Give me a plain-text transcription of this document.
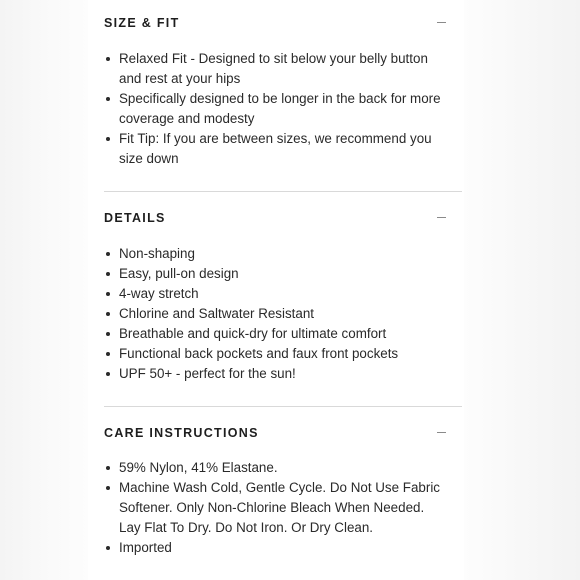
SIZE & FIT
Relaxed Fit - Designed to sit below your belly button and rest at your hips
Specifically designed to be longer in the back for more coverage and modesty
Fit Tip: If you are between sizes, we recommend you size down
DETAILS
Non-shaping
Easy, pull-on design
4-way stretch
Chlorine and Saltwater Resistant
Breathable and quick-dry for ultimate comfort
Functional back pockets and faux front pockets
UPF 50+ - perfect for the sun!
CARE INSTRUCTIONS
59% Nylon, 41% Elastane.
Machine Wash Cold, Gentle Cycle. Do Not Use Fabric Softener. Only Non-Chlorine Bleach When Needed. Lay Flat To Dry. Do Not Iron. Or Dry Clean.
Imported
